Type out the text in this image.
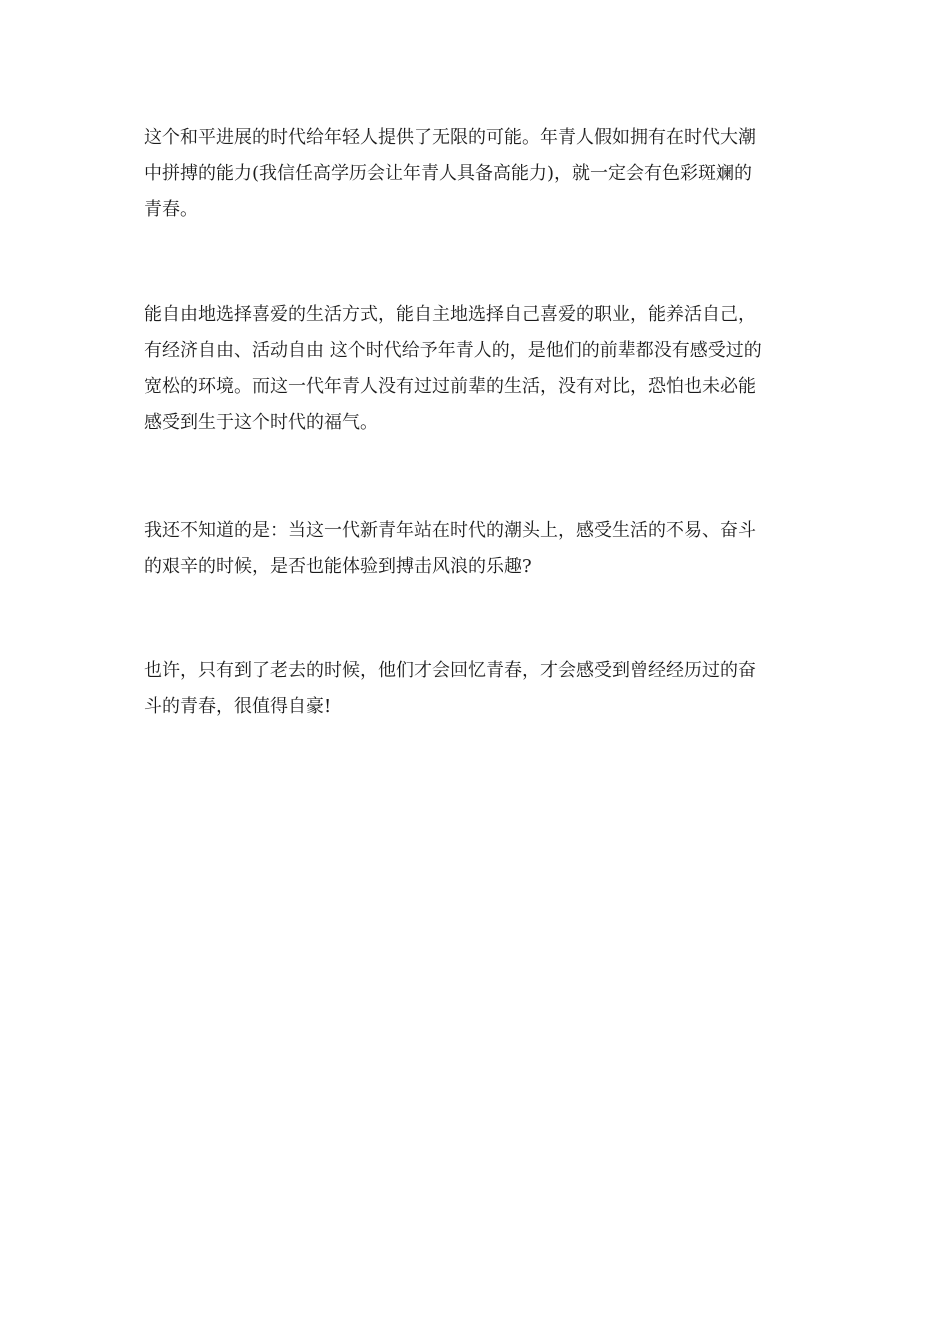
这个和平进展的时代给年轻人提供了无限的可能。年青人假如拥有在时代大潮
中拼搏的能力(我信任高学历会让年青人具备高能力)，就一定会有色彩斑斓的
青春。

能自由地选择喜爱的生活方式，能自主地选择自己喜爱的职业，能养活自己，
有经济自由、活动自由 这个时代给予年青人的，是他们的前辈都没有感受过的
宽松的环境。而这一代年青人没有过过前辈的生活，没有对比，恐怕也未必能
感受到生于这个时代的福气。

我还不知道的是：当这一代新青年站在时代的潮头上，感受生活的不易、奋斗
的艰辛的时候，是否也能体验到搏击风浪的乐趣?

也许，只有到了老去的时候，他们才会回忆青春，才会感受到曾经经历过的奋
斗的青春，很值得自豪!
